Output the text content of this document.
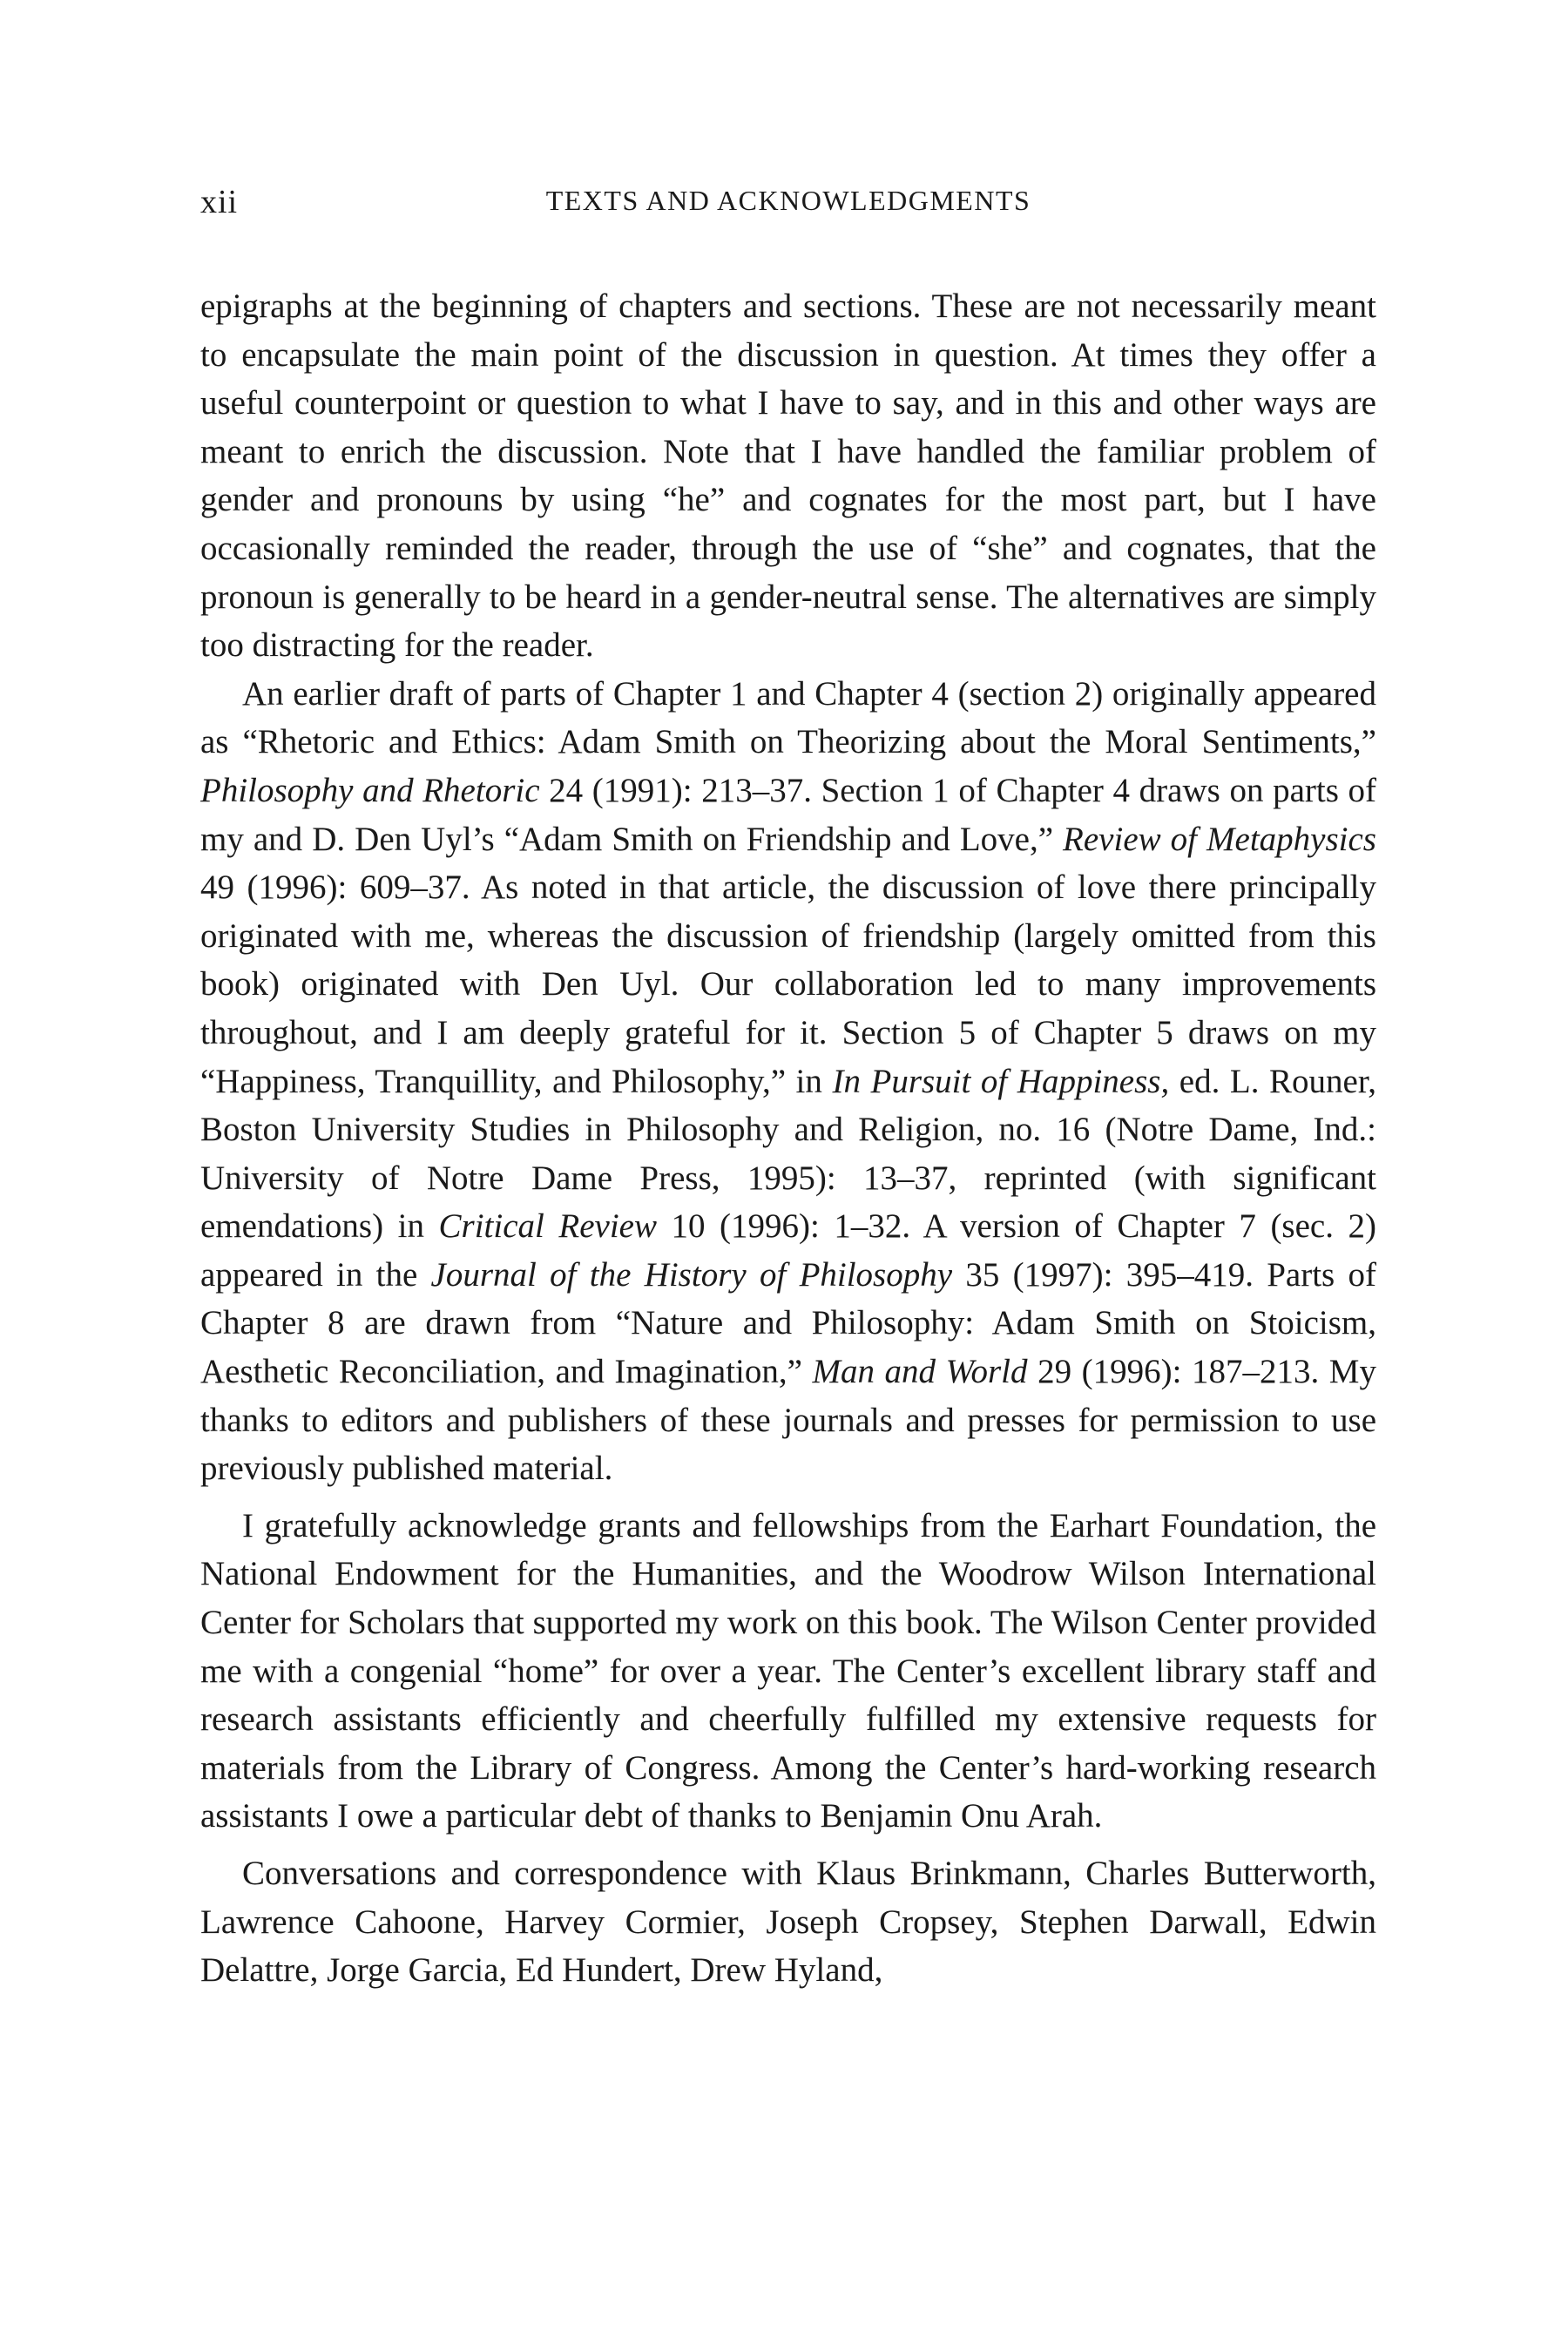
xii	TEXTS AND ACKNOWLEDGMENTS

epigraphs at the beginning of chapters and sections. These are not necessarily meant to encapsulate the main point of the discussion in question. At times they offer a useful counterpoint or question to what I have to say, and in this and other ways are meant to enrich the discussion. Note that I have handled the familiar problem of gender and pronouns by using “he” and cognates for the most part, but I have occasionally reminded the reader, through the use of “she” and cognates, that the pronoun is generally to be heard in a gender-neutral sense. The alternatives are simply too distracting for the reader.

An earlier draft of parts of Chapter 1 and Chapter 4 (section 2) originally appeared as “Rhetoric and Ethics: Adam Smith on Theorizing about the Moral Sentiments,” Philosophy and Rhetoric 24 (1991): 213–37. Section 1 of Chapter 4 draws on parts of my and D. Den Uyl’s “Adam Smith on Friendship and Love,” Review of Metaphysics 49 (1996): 609–37. As noted in that article, the discussion of love there principally originated with me, whereas the discussion of friendship (largely omitted from this book) originated with Den Uyl. Our collaboration led to many improvements throughout, and I am deeply grateful for it. Section 5 of Chapter 5 draws on my “Happiness, Tranquillity, and Philosophy,” in In Pursuit of Happiness, ed. L. Rouner, Boston University Studies in Philosophy and Religion, no. 16 (Notre Dame, Ind.: University of Notre Dame Press, 1995): 13–37, reprinted (with significant emendations) in Critical Review 10 (1996): 1–32. A version of Chapter 7 (sec. 2) appeared in the Journal of the History of Philosophy 35 (1997): 395–419. Parts of Chapter 8 are drawn from “Nature and Philosophy: Adam Smith on Stoicism, Aesthetic Reconciliation, and Imagination,” Man and World 29 (1996): 187–213. My thanks to editors and publishers of these journals and presses for permission to use previously published material.

I gratefully acknowledge grants and fellowships from the Earhart Foundation, the National Endowment for the Humanities, and the Woodrow Wilson International Center for Scholars that supported my work on this book. The Wilson Center provided me with a congenial “home” for over a year. The Center’s excellent library staff and research assistants efficiently and cheerfully fulfilled my extensive requests for materials from the Library of Congress. Among the Center’s hard-working research assistants I owe a particular debt of thanks to Benjamin Onu Arah.

Conversations and correspondence with Klaus Brinkmann, Charles Butterworth, Lawrence Cahoone, Harvey Cormier, Joseph Cropsey, Stephen Darwall, Edwin Delattre, Jorge Garcia, Ed Hundert, Drew Hyland,
